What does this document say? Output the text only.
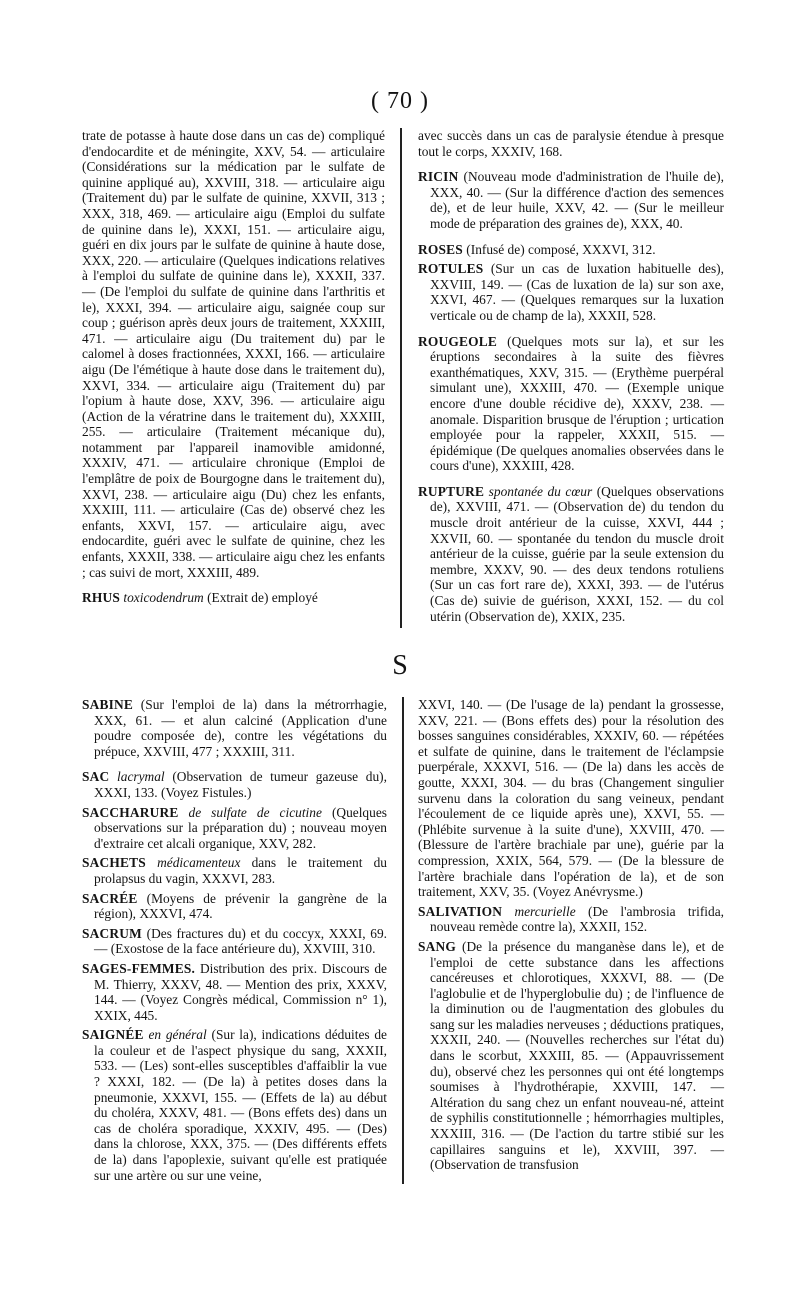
( 70 )

trate de potasse à haute dose dans un cas de) compliqué d'endocardite et de méningite, XXV, 54. — articulaire (Considérations sur la médication par le sulfate de quinine appliqué au), XXVIII, 318. — articulaire aigu (Traitement du) par le sulfate de quinine, XXVII, 313 ; XXX, 318, 469. — articulaire aigu (Emploi du sulfate de quinine dans le), XXXI, 151. — articulaire aigu, guéri en dix jours par le sulfate de quinine à haute dose, XXX, 220. — articulaire (Quelques indications relatives à l'emploi du sulfate de quinine dans le), XXXII, 337. — (De l'emploi du sulfate de quinine dans l'arthritis et le), XXXI, 394. — articulaire aigu, saignée coup sur coup ; guérison après deux jours de traitement, XXXIII, 471. — articulaire aigu (Du traitement du) par le calomel à doses fractionnées, XXXI, 166. — articulaire aigu (De l'émétique à haute dose dans le traitement du), XXVI, 334. — articulaire aigu (Traitement du) par l'opium à haute dose, XXV, 396. — articulaire aigu (Action de la vératrine dans le traitement du), XXXIII, 255. — articulaire (Traitement mécanique du), notamment par l'appareil inamovible amidonné, XXXIV, 471. — articulaire chronique (Emploi de l'emplâtre de poix de Bourgogne dans le traitement du), XXVI, 238. — articulaire aigu (Du) chez les enfants, XXXIII, 111. — articulaire (Cas de) observé chez les enfants, XXVI, 157. — articulaire aigu, avec endocardite, guéri avec le sulfate de quinine, chez les enfants, XXXII, 338. — articulaire aigu chez les enfants ; cas suivi de mort, XXXIII, 489.

RHUS toxicodendrum (Extrait de) employé

avec succès dans un cas de paralysie étendue à presque tout le corps, XXXIV, 168.

RICIN (Nouveau mode d'administration de l'huile de), XXX, 40. — (Sur la différence d'action des semences de), et de leur huile, XXV, 42. — (Sur le meilleur mode de préparation des graines de), XXX, 40.

ROSES (Infusé de) composé, XXXVI, 312.

ROTULES (Sur un cas de luxation habituelle des), XXVIII, 149. — (Cas de luxation de la) sur son axe, XXVI, 467. — (Quelques remarques sur la luxation verticale ou de champ de la), XXXII, 528.

ROUGEOLE (Quelques mots sur la), et sur les éruptions secondaires à la suite des fièvres exanthématiques, XXV, 315. — (Erythème puerpéral simulant une), XXXIII, 470. — (Exemple unique encore d'une double récidive de), XXXV, 238. — anomale. Disparition brusque de l'éruption ; urtication employée pour la rappeler, XXXII, 515. — épidémique (De quelques anomalies observées dans le cours d'une), XXXIII, 428.

RUPTURE spontanée du cœur (Quelques observations de), XXVIII, 471. — (Observation de) du tendon du muscle droit antérieur de la cuisse, XXVI, 444 ; XXVII, 60. — spontanée du tendon du muscle droit antérieur de la cuisse, guérie par la seule extension du membre, XXXV, 90. — des deux tendons rotuliens (Sur un cas fort rare de), XXXI, 393. — de l'utérus (Cas de) suivie de guérison, XXXI, 152. — du col utérin (Observation de), XXIX, 235.

S

SABINE (Sur l'emploi de la) dans la métrorrhagie, XXX, 61. — et alun calciné (Application d'une poudre composée de), contre les végétations du prépuce, XXVIII, 477 ; XXXIII, 311.

SAC lacrymal (Observation de tumeur gazeuse du), XXXI, 133. (Voyez Fistules.)

SACCHARURE de sulfate de cicutine (Quelques observations sur la préparation du) ; nouveau moyen d'extraire cet alcali organique, XXV, 282.

SACHETS médicamenteux dans le traitement du prolapsus du vagin, XXXVI, 283.

SACRÉE (Moyens de prévenir la gangrène de la région), XXXVI, 474.

SACRUM (Des fractures du) et du coccyx, XXXI, 69. — (Exostose de la face antérieure du), XXVIII, 310.

SAGES-FEMMES. Distribution des prix. Discours de M. Thierry, XXXV, 48. — Mention des prix, XXXV, 144. — (Voyez Congrès médical, Commission n° 1), XXIX, 445.

SAIGNÉE en général (Sur la), indications déduites de la couleur et de l'aspect physique du sang, XXXII, 533. — (Les) sont-elles susceptibles d'affaiblir la vue ? XXXI, 182. — (De la) à petites doses dans la pneumonie, XXXVI, 155. — (Effets de la) au début du choléra, XXXV, 481. — (Bons effets des) dans un cas de choléra sporadique, XXXIV, 495. — (Des) dans la chlorose, XXX, 375. — (Des différents effets de la) dans l'apoplexie, suivant qu'elle est pratiquée sur une artère ou sur une veine,

XXVI, 140. — (De l'usage de la) pendant la grossesse, XXV, 221. — (Bons effets des) pour la résolution des bosses sanguines considérables, XXXIV, 60. — répétées et sulfate de quinine, dans le traitement de l'éclampsie puerpérale, XXXVI, 516. — (De la) dans les accès de goutte, XXXI, 304. — du bras (Changement singulier survenu dans la coloration du sang veineux, pendant l'écoulement de ce liquide après une), XXVI, 55. — (Phlébite survenue à la suite d'une), XXVIII, 470. — (Blessure de l'artère brachiale par une), guérie par la compression, XXIX, 564, 579. — (De la blessure de l'artère brachiale dans l'opération de la), et de son traitement, XXV, 35. (Voyez Anévrysme.)

SALIVATION mercurielle (De l'ambrosia trifida, nouveau remède contre la), XXXII, 152.

SANG (De la présence du manganèse dans le), et de l'emploi de cette substance dans les affections cancéreuses et chlorotiques, XXXVI, 88. — (De l'aglobulie et de l'hyperglobulie du) ; de l'influence de la diminution ou de l'augmentation des globules du sang sur les maladies nerveuses ; déductions pratiques, XXXII, 240. — (Nouvelles recherches sur l'état du) dans le scorbut, XXXIII, 85. — (Appauvrissement du), observé chez les personnes qui ont été longtemps soumises à l'hydrothérapie, XXVIII, 147. — Altération du sang chez un enfant nouveau-né, atteint de syphilis constitutionnelle ; hémorrhagies multiples, XXXIII, 316. — (De l'action du tartre stibié sur les capillaires sanguins et le), XXVIII, 397. — (Observation de transfusion
